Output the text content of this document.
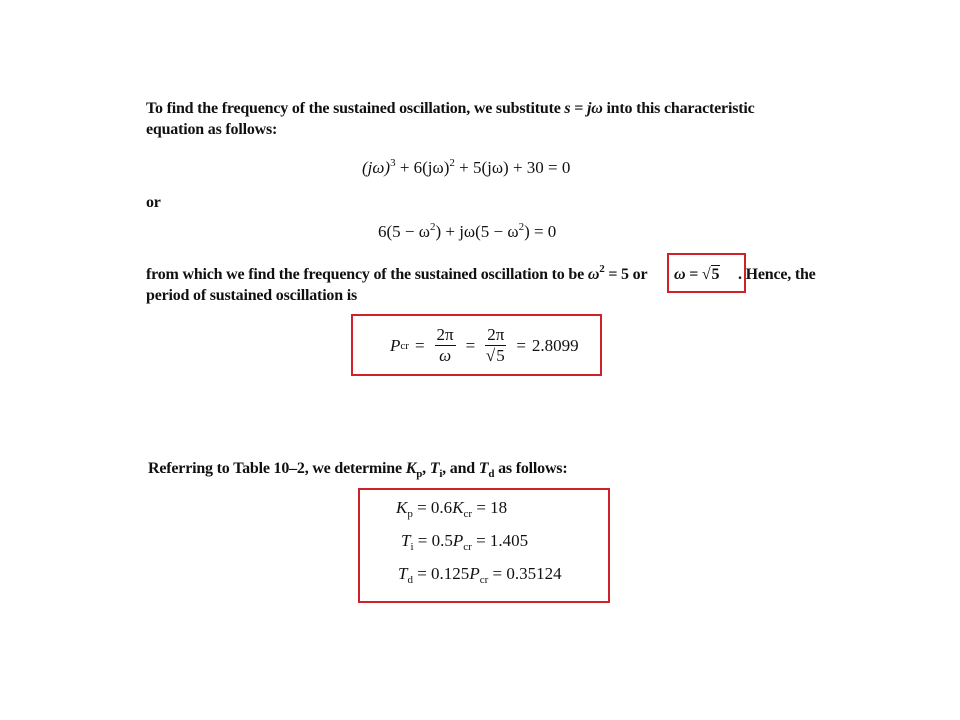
To find the frequency of the sustained oscillation, we substitute s = jω into this characteristic
equation as follows:
$(j\omega)^3 + 6(j\omega)^2 + 5(j\omega) + 30 = 0$
or
$6(5 - \omega^2) + j\omega(5 - \omega^2) = 0$
from which we find the frequency of the sustained oscillation to be $\omega^2 = 5$ or ω = √5 . Hence, the
period of sustained oscillation is
P cr = $\frac{2\pi}{\omega} = \frac{2\pi}{√5} = 2.8099$
Referring to Table 10–2, we determine $K_p$, $T_i$, and $T_d$ as follows:
$K_p = 0.6K_{cr} = 18$
$T_i = 0.5P_{cr} = 1.405$
$T_d = 0.125P_{cr} = 0.35124$
